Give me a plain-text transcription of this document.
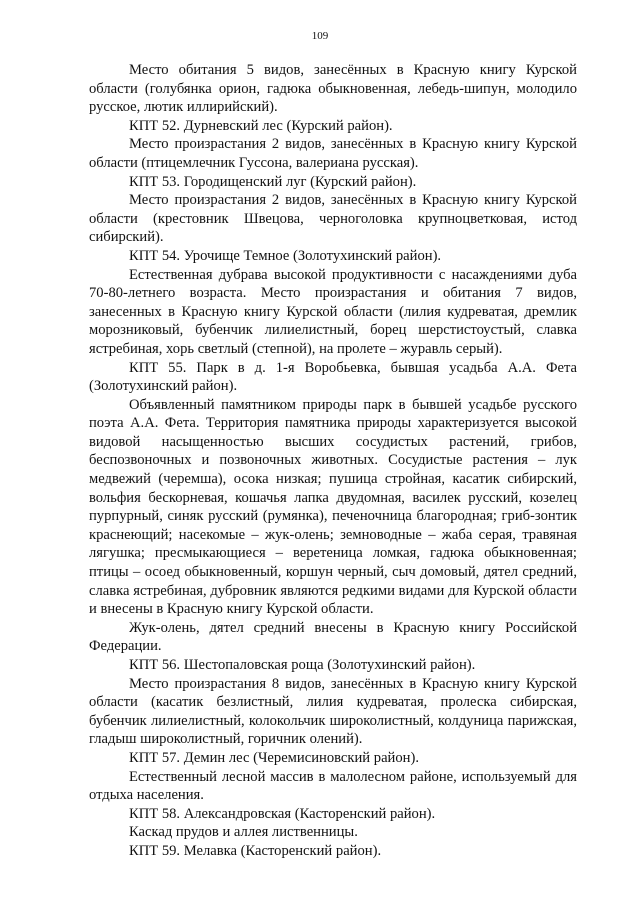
109

Место обитания 5 видов, занесённых в Красную книгу Курской области (голубянка орион, гадюка обыкновенная, лебедь-шипун, молодило русское, лютик иллирийский).

КПТ 52. Дурневский лес (Курский район).

Место произрастания 2 видов, занесённых в Красную книгу Курской области (птицемлечник Гуссона, валериана русская).

КПТ 53. Городищенский луг (Курский район).

Место произрастания 2 видов, занесённых в Красную книгу Курской области (крестовник Швецова, черноголовка крупноцветковая, истод сибирский).

КПТ 54. Урочище Темное (Золотухинский район).

Естественная дубрава высокой продуктивности с насаждениями дуба 70-80-летнего возраста. Место произрастания и обитания 7 видов, занесенных в Красную книгу Курской области (лилия кудреватая, дремлик морозниковый, бубенчик лилиелистный, борец шерстистоустый, славка ястребиная, хорь светлый (степной), на пролете – журавль серый).

КПТ 55. Парк в д. 1-я Воробьевка, бывшая усадьба А.А. Фета (Золотухинский район).

Объявленный памятником природы парк в бывшей усадьбе русского поэта А.А. Фета. Территория памятника природы характеризуется высокой видовой насыщенностью высших сосудистых растений, грибов, беспозвоночных и позвоночных животных. Сосудистые растения – лук медвежий (черемша), осока низкая; пушица стройная, касатик сибирский, вольфия бескорневая, кошачья лапка двудомная, василек русский, козелец пурпурный, синяк русский (румянка), печеночница благородная; гриб-зонтик краснеющий; насекомые – жук-олень; земноводные – жаба серая, травяная лягушка; пресмыкающиеся – веретеница ломкая, гадюка обыкновенная; птицы – осоед обыкновенный, коршун черный, сыч домовый, дятел средний, славка ястребиная, дубровник являются редкими видами для Курской области и внесены в Красную книгу Курской области.

Жук-олень, дятел средний внесены в Красную книгу Российской Федерации.

КПТ 56. Шестопаловская роща (Золотухинский район).

Место произрастания 8 видов, занесённых в Красную книгу Курской области (касатик безлистный, лилия кудреватая, пролеска сибирская, бубенчик лилиелистный, колокольчик широколистный, колдуница парижская, гладыш широколистный, горичник олений).

КПТ 57. Демин лес (Черемисиновский район).

Естественный лесной массив в малолесном районе, используемый для отдыха населения.

КПТ 58. Александровская (Касторенский район).

Каскад прудов и аллея лиственницы.

КПТ 59. Мелавка (Касторенский район).
